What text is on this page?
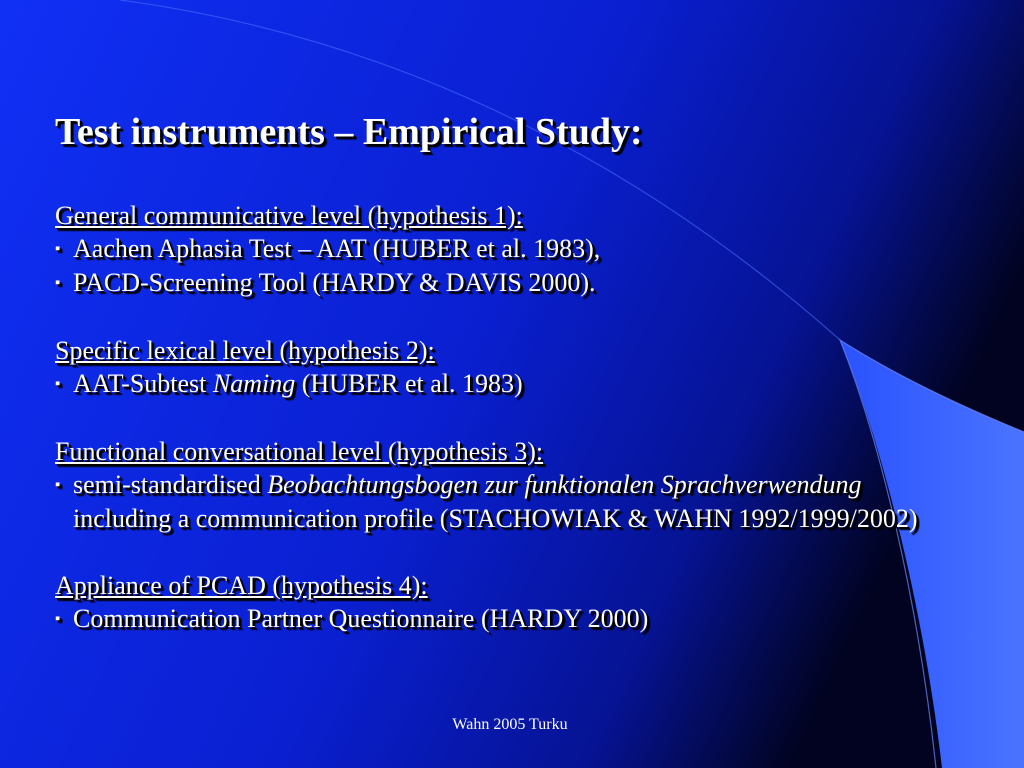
Test instruments – Empirical Study:
General communicative level (hypothesis 1):
▪ Aachen Aphasia Test – AAT (HUBER et al. 1983),
▪ PACD-Screening Tool (HARDY & DAVIS 2000).
Specific lexical level (hypothesis 2):
▪ AAT-Subtest Naming (HUBER et al. 1983)
Functional conversational level (hypothesis 3):
▪ semi-standardised Beobachtungsbogen zur funktionalen Sprachverwendung including a communication profile (STACHOWIAK & WAHN 1992/1999/2002)
Appliance of PCAD (hypothesis 4):
▪ Communication Partner Questionnaire (HARDY 2000)
Wahn 2005 Turku
